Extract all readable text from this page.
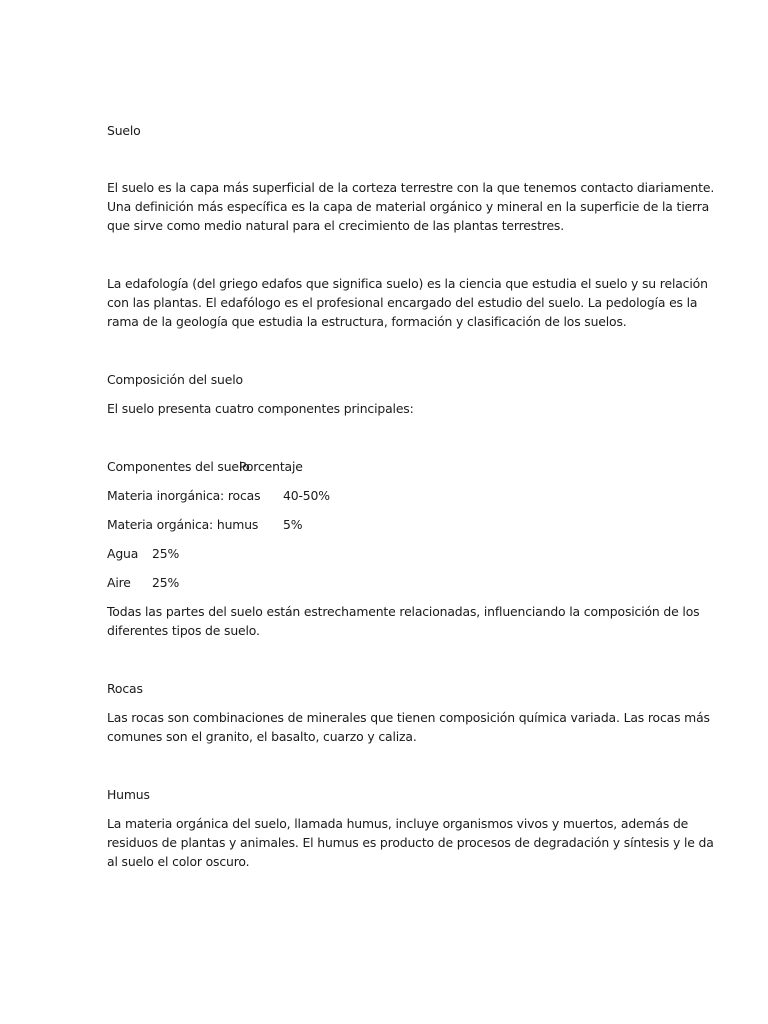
Suelo
El suelo es la capa más superficial de la corteza terrestre con la que tenemos contacto diariamente.
Una definición más específica es la capa de material orgánico y mineral en la superficie de la tierra
que sirve como medio natural para el crecimiento de las plantas terrestres.
La edafología (del griego edafos que significa suelo) es la ciencia que estudia el suelo y su relación
con las plantas. El edafólogo es el profesional encargado del estudio del suelo. La pedología es la
rama de la geología que estudia la estructura, formación y clasificación de los suelos.
Composición del suelo
El suelo presenta cuatro componentes principales:
Componentes del suelo
Porcentaje
Materia inorgánica: rocas 40-50%
Materia orgánica: humus 5%
Agua 25%
Aire 25%
Todas las partes del suelo están estrechamente relacionadas, influenciando la composición de los
diferentes tipos de suelo.
Rocas
Las rocas son combinaciones de minerales que tienen composición química variada. Las rocas más
comunes son el granito, el basalto, cuarzo y caliza.
Humus
La materia orgánica del suelo, llamada humus, incluye organismos vivos y muertos, además de
residuos de plantas y animales. El humus es producto de procesos de degradación y síntesis y le da
al suelo el color oscuro.
